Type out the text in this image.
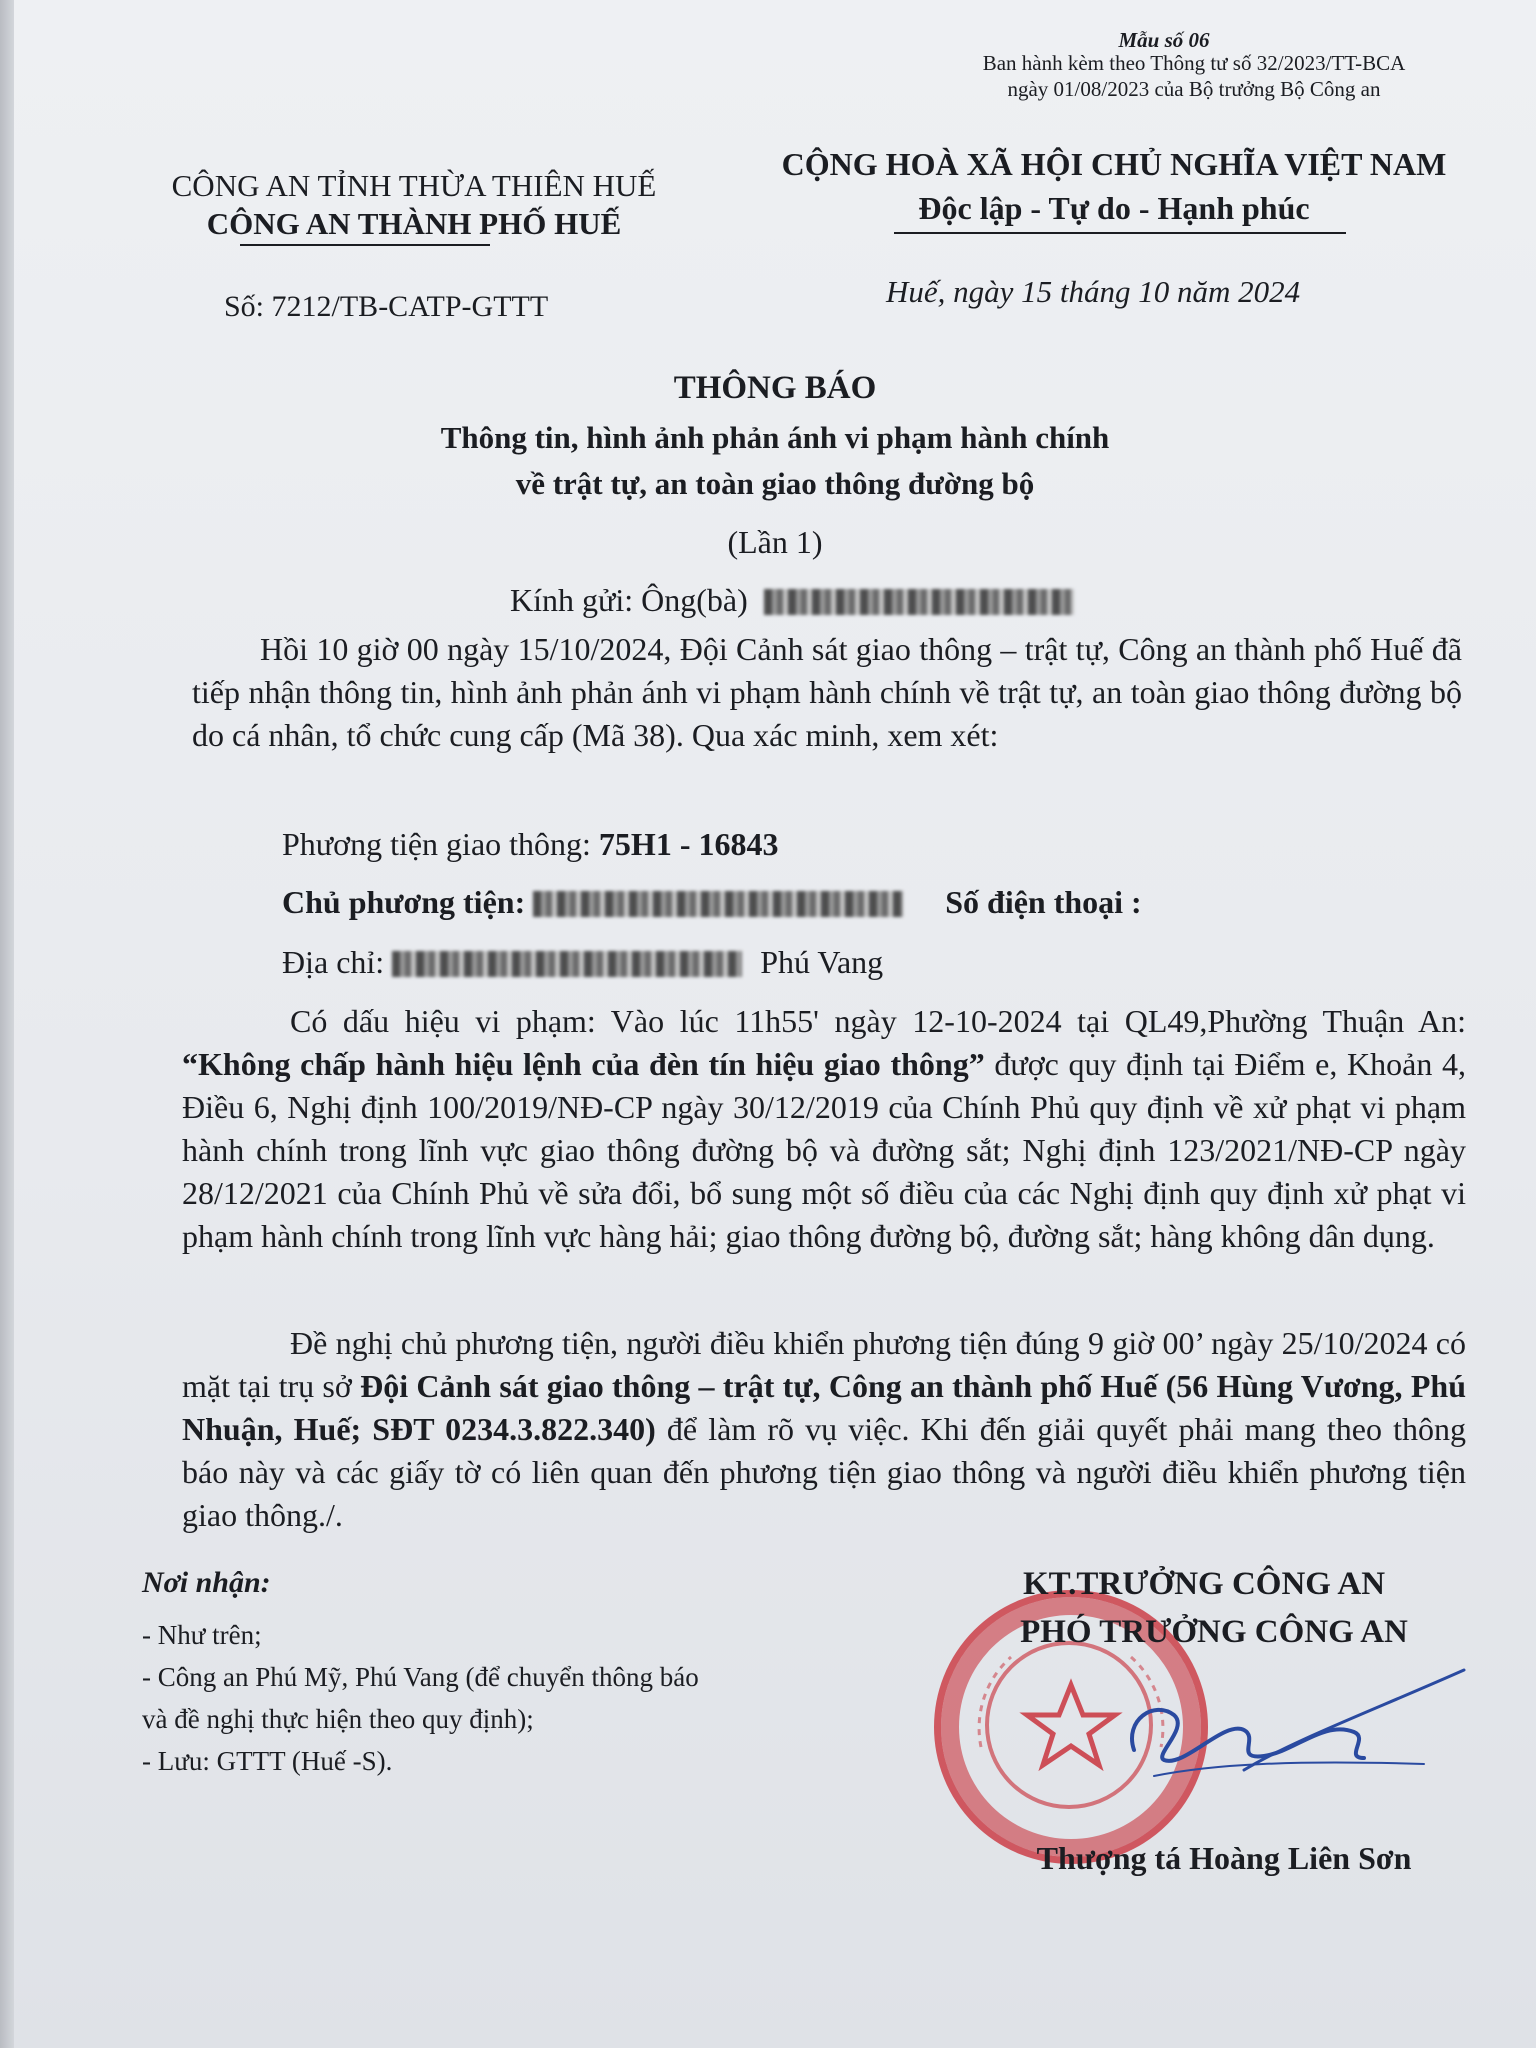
Mẫu số 06
Ban hành kèm theo Thông tư số 32/2023/TT-BCA
ngày 01/08/2023 của Bộ trưởng Bộ Công an
CÔNG AN TỈNH THỪA THIÊN HUẾ
CÔNG AN THÀNH PHỐ HUẾ
Số: 7212/TB-CATP-GTTT
CỘNG HOÀ XÃ HỘI CHỦ NGHĨA VIỆT NAM
Độc lập - Tự do - Hạnh phúc
Huế, ngày 15 tháng 10 năm 2024
THÔNG BÁO
Thông tin, hình ảnh phản ánh vi phạm hành chính
về trật tự, an toàn giao thông đường bộ
(Lần 1)
Kính gửi: Ông(bà)
Hồi 10 giờ 00 ngày 15/10/2024, Đội Cảnh sát giao thông – trật tự, Công an thành phố Huế đã tiếp nhận thông tin, hình ảnh phản ánh vi phạm hành chính về trật tự, an toàn giao thông đường bộ do cá nhân, tổ chức cung cấp (Mã 38). Qua xác minh, xem xét:
Phương tiện giao thông: 75H1 - 16843
Chủ phương tiện:	Số điện thoại :
Địa chỉ:	Phú Vang
Có dấu hiệu vi phạm: Vào lúc 11h55' ngày 12-10-2024 tại QL49,Phường Thuận An: “Không chấp hành hiệu lệnh của đèn tín hiệu giao thông” được quy định tại Điểm e, Khoản 4, Điều 6, Nghị định 100/2019/NĐ-CP ngày 30/12/2019 của Chính Phủ quy định về xử phạt vi phạm hành chính trong lĩnh vực giao thông đường bộ và đường sắt; Nghị định 123/2021/NĐ-CP ngày 28/12/2021 của Chính Phủ về sửa đổi, bổ sung một số điều của các Nghị định quy định xử phạt vi phạm hành chính trong lĩnh vực hàng hải; giao thông đường bộ, đường sắt; hàng không dân dụng.
Đề nghị chủ phương tiện, người điều khiển phương tiện đúng 9 giờ 00’ ngày 25/10/2024 có mặt tại trụ sở Đội Cảnh sát giao thông – trật tự, Công an thành phố Huế (56 Hùng Vương, Phú Nhuận, Huế; SĐT 0234.3.822.340) để làm rõ vụ việc. Khi đến giải quyết phải mang theo thông báo này và các giấy tờ có liên quan đến phương tiện giao thông và người điều khiển phương tiện giao thông./.
Nơi nhận:
- Như trên;
- Công an Phú Mỹ, Phú Vang (để chuyển thông báo
và đề nghị thực hiện theo quy định);
- Lưu: GTTT (Huế -S).
KT.TRƯỞNG CÔNG AN
PHÓ TRƯỞNG CÔNG AN
Thượng tá Hoàng Liên Sơn
